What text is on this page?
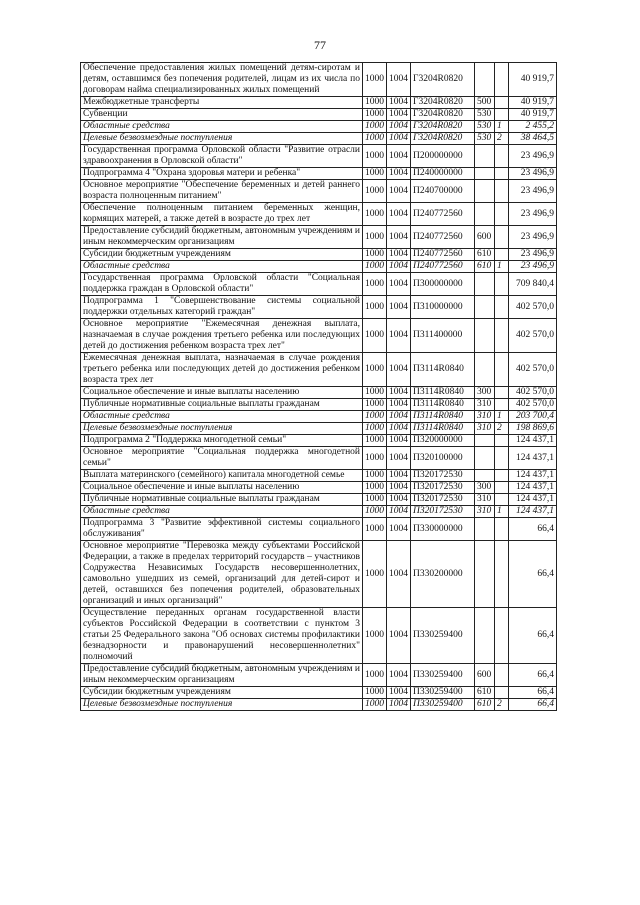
77
Обеспечение предоставления жилых помещений детям-сиротам и детям, оставшимся без попечения родителей, лицам из их числа по договорам найма специализированных жилых помещений	1000	1004	Г3204R0820			40 919,7
Межбюджетные трансферты	1000	1004	Г3204R0820	500		40 919,7
Субвенции	1000	1004	Г3204R0820	530		40 919,7
Областные средства	1000	1004	Г3204R0820	530	1	2 455,2
Целевые безвозмездные поступления	1000	1004	Г3204R0820	530	2	38 464,5
Государственная программа Орловской области "Развитие отрасли здравоохранения в Орловской области"	1000	1004	П200000000			23 496,9
Подпрограмма 4 "Охрана здоровья матери и ребенка"	1000	1004	П240000000			23 496,9
Основное мероприятие "Обеспечение беременных и детей раннего возраста полноценным питанием"	1000	1004	П240700000			23 496,9
Обеспечение полноценным питанием беременных женщин, кормящих матерей, а также детей в возрасте до трех лет	1000	1004	П240772560			23 496,9
Предоставление субсидий бюджетным, автономным учреждениям и иным некоммерческим организациям	1000	1004	П240772560	600		23 496,9
Субсидии бюджетным учреждениям	1000	1004	П240772560	610		23 496,9
Областные средства	1000	1004	П240772560	610	1	23 496,9
Государственная программа Орловской области "Социальная поддержка граждан в Орловской области"	1000	1004	П300000000			709 840,4
Подпрограмма 1 "Совершенствование системы социальной поддержки отдельных категорий граждан"	1000	1004	П310000000			402 570,0
Основное мероприятие "Ежемесячная денежная выплата, назначаемая в случае рождения третьего ребенка или последующих детей до достижения ребенком возраста трех лет"	1000	1004	П311400000			402 570,0
Ежемесячная денежная выплата, назначаемая в случае рождения третьего ребенка или последующих детей до достижения ребенком возраста трех лет	1000	1004	П3114R0840			402 570,0
Социальное обеспечение и иные выплаты населению	1000	1004	П3114R0840	300		402 570,0
Публичные нормативные социальные выплаты гражданам	1000	1004	П3114R0840	310		402 570,0
Областные средства	1000	1004	П3114R0840	310	1	203 700,4
Целевые безвозмездные поступления	1000	1004	П3114R0840	310	2	198 869,6
Подпрограмма 2 "Поддержка многодетной семьи"	1000	1004	П320000000			124 437,1
Основное мероприятие "Социальная поддержка многодетной семьи"	1000	1004	П320100000			124 437,1
Выплата материнского (семейного) капитала многодетной семье	1000	1004	П320172530			124 437,1
Социальное обеспечение и иные выплаты населению	1000	1004	П320172530	300		124 437,1
Публичные нормативные социальные выплаты гражданам	1000	1004	П320172530	310		124 437,1
Областные средства	1000	1004	П320172530	310	1	124 437,1
Подпрограмма 3 "Развитие эффективной системы социального обслуживания"	1000	1004	П330000000			66,4
Основное мероприятие "Перевозка между субъектами Российской Федерации, а также в пределах территорий государств – участников Содружества Независимых Государств несовершеннолетних, самовольно ушедших из семей, организаций для детей-сирот и детей, оставшихся без попечения родителей, образовательных организаций и иных организаций"	1000	1004	П330200000			66,4
Осуществление переданных органам государственной власти субъектов Российской Федерации в соответствии с пунктом 3 статьи 25 Федерального закона "Об основах системы профилактики безнадзорности и правонарушений несовершеннолетних" полномочий	1000	1004	П330259400			66,4
Предоставление субсидий бюджетным, автономным учреждениям и иным некоммерческим организациям	1000	1004	П330259400	600		66,4
Субсидии бюджетным учреждениям	1000	1004	П330259400	610		66,4
Целевые безвозмездные поступления	1000	1004	П330259400	610	2	66,4
